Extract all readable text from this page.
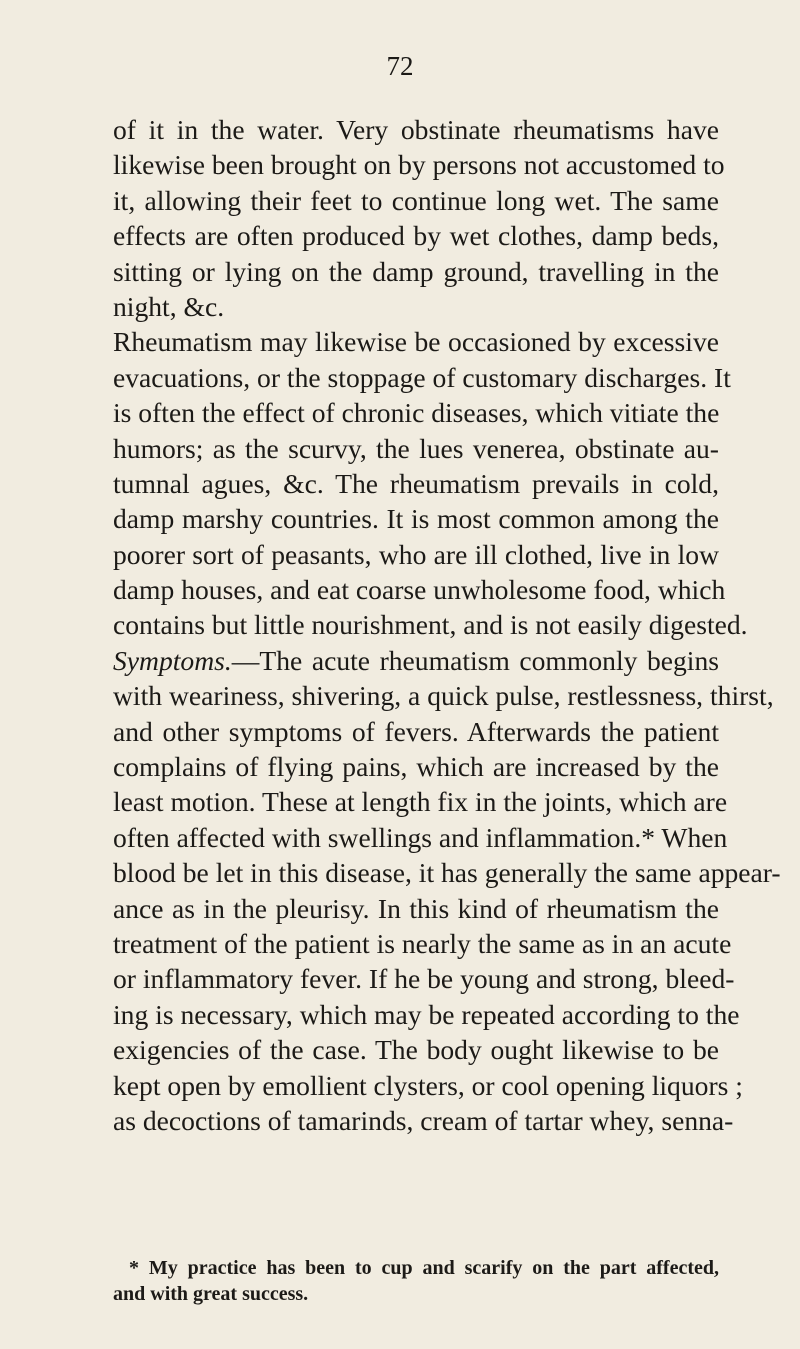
72
of it in the water. Very obstinate rheumatisms have
likewise been brought on by persons not accustomed to
it, allowing their feet to continue long wet. The same
effects are often produced by wet clothes, damp beds,
sitting or lying on the damp ground, travelling in the
night, &c.
Rheumatism may likewise be occasioned by excessive
evacuations, or the stoppage of customary discharges. It
is often the effect of chronic diseases, which vitiate the
humors; as the scurvy, the lues venerea, obstinate au-
tumnal agues, &c. The rheumatism prevails in cold,
damp marshy countries. It is most common among the
poorer sort of peasants, who are ill clothed, live in low
damp houses, and eat coarse unwholesome food, which
contains but little nourishment, and is not easily digested.
Symptoms.—The acute rheumatism commonly begins
with weariness, shivering, a quick pulse, restlessness, thirst,
and other symptoms of fevers. Afterwards the patient
complains of flying pains, which are increased by the
least motion. These at length fix in the joints, which are
often affected with swellings and inflammation.* When
blood be let in this disease, it has generally the same appear-
ance as in the pleurisy. In this kind of rheumatism the
treatment of the patient is nearly the same as in an acute
or inflammatory fever. If he be young and strong, bleed-
ing is necessary, which may be repeated according to the
exigencies of the case. The body ought likewise to be
kept open by emollient clysters, or cool opening liquors ;
as decoctions of tamarinds, cream of tartar whey, senna-
* My practice has been to cup and scarify on the part affected,
and with great success.
